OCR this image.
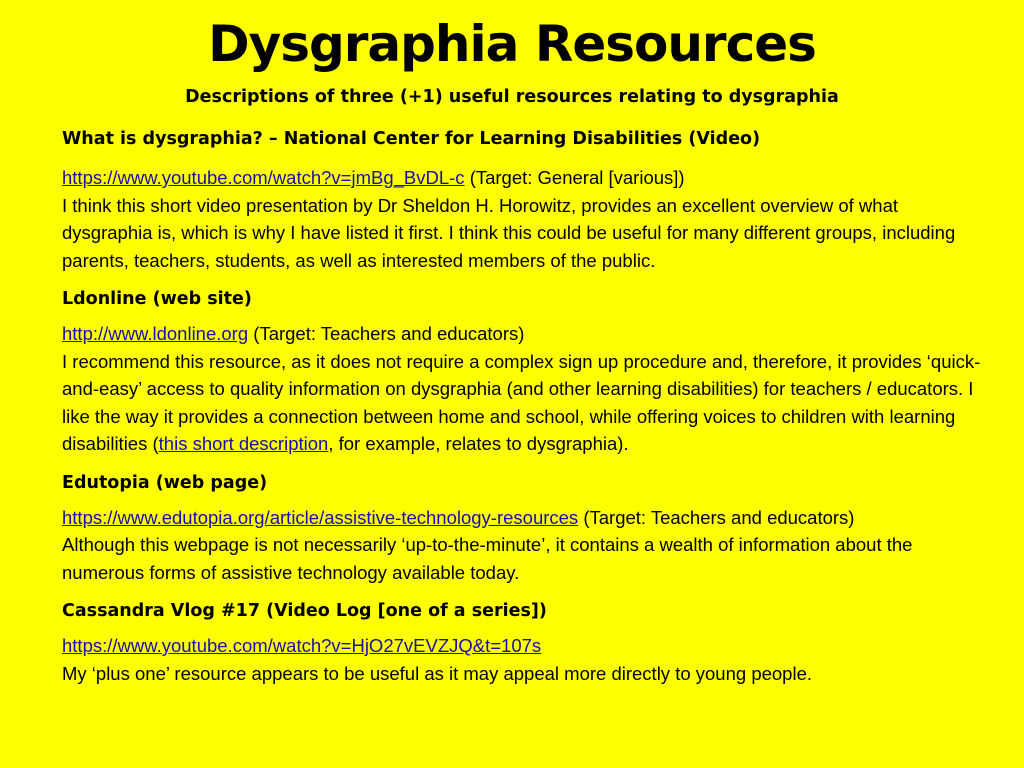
Dysgraphia Resources
Descriptions of three (+1) useful resources relating to dysgraphia
What is dysgraphia? – National Center for Learning Disabilities (Video)
https://www.youtube.com/watch?v=jmBg_BvDL-c (Target: General [various])
I think this short video presentation by Dr Sheldon H. Horowitz, provides an excellent overview of what dysgraphia is, which is why I have listed it first. I think this could be useful for many different groups, including parents, teachers, students, as well as interested members of the public.
Ldonline (web site)
http://www.ldonline.org (Target: Teachers and educators)
I recommend this resource, as it does not require a complex sign up procedure and, therefore, it provides ‘quick-and-easy’ access to quality information on dysgraphia (and other learning disabilities) for teachers / educators. I like the way it provides a connection between home and school, while offering voices to children with learning disabilities (this short description, for example, relates to dysgraphia).
Edutopia (web page)
https://www.edutopia.org/article/assistive-technology-resources (Target: Teachers and educators)
Although this webpage is not necessarily ‘up-to-the-minute’, it contains a wealth of information about the numerous forms of assistive technology available today.
Cassandra Vlog #17 (Video Log [one of a series])
https://www.youtube.com/watch?v=HjO27vEVZJQ&t=107s
My ‘plus one’ resource appears to be useful as it may appeal more directly to young people.
